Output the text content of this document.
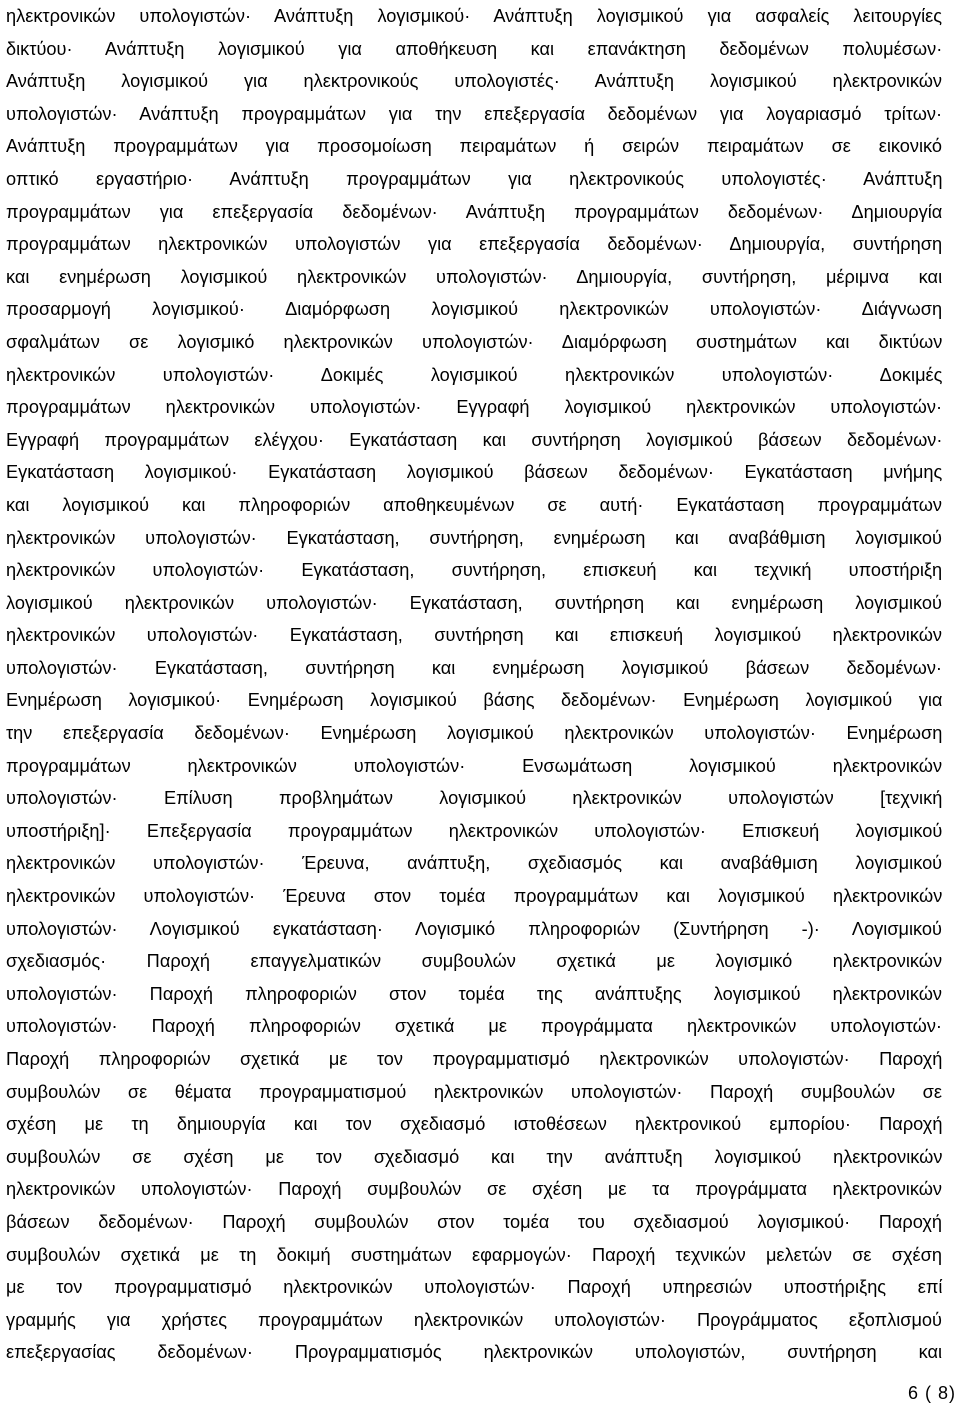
ηλεκτρονικών υπολογιστών· Ανάπτυξη λογισμικού· Ανάπτυξη λογισμικού για ασφαλείς λειτουργίες
δικτύου· Ανάπτυξη λογισμικού για αποθήκευση και επανάκτηση δεδομένων πολυμέσων·
Ανάπτυξη λογισμικού για ηλεκτρονικούς υπολογιστές· Ανάπτυξη λογισμικού ηλεκτρονικών
υπολογιστών· Ανάπτυξη προγραμμάτων για την επεξεργασία δεδομένων για λογαριασμό τρίτων·
Ανάπτυξη προγραμμάτων για προσομοίωση πειραμάτων ή σειρών πειραμάτων σε εικονικό
οπτικό εργαστήριο· Ανάπτυξη προγραμμάτων για ηλεκτρονικούς υπολογιστές· Ανάπτυξη
προγραμμάτων για επεξεργασία δεδομένων· Ανάπτυξη προγραμμάτων δεδομένων· Δημιουργία
προγραμμάτων ηλεκτρονικών υπολογιστών για επεξεργασία δεδομένων· Δημιουργία, συντήρηση
και ενημέρωση λογισμικού ηλεκτρονικών υπολογιστών· Δημιουργία, συντήρηση, μέριμνα και
προσαρμογή λογισμικού· Διαμόρφωση λογισμικού ηλεκτρονικών υπολογιστών· Διάγνωση
σφαλμάτων σε λογισμικό ηλεκτρονικών υπολογιστών· Διαμόρφωση συστημάτων και δικτύων
ηλεκτρονικών υπολογιστών· Δοκιμές λογισμικού ηλεκτρονικών υπολογιστών· Δοκιμές
προγραμμάτων ηλεκτρονικών υπολογιστών· Εγγραφή λογισμικού ηλεκτρονικών υπολογιστών·
Εγγραφή προγραμμάτων ελέγχου· Εγκατάσταση και συντήρηση λογισμικού βάσεων δεδομένων·
Εγκατάσταση λογισμικού· Εγκατάσταση λογισμικού βάσεων δεδομένων· Εγκατάσταση μνήμης
και λογισμικού και πληροφοριών αποθηκευμένων σε αυτή· Εγκατάσταση προγραμμάτων
ηλεκτρονικών υπολογιστών· Εγκατάσταση, συντήρηση, ενημέρωση και αναβάθμιση λογισμικού
ηλεκτρονικών υπολογιστών· Εγκατάσταση, συντήρηση, επισκευή και τεχνική υποστήριξη
λογισμικού ηλεκτρονικών υπολογιστών· Εγκατάσταση, συντήρηση και ενημέρωση λογισμικού
ηλεκτρονικών υπολογιστών· Εγκατάσταση, συντήρηση και επισκευή λογισμικού ηλεκτρονικών
υπολογιστών· Εγκατάσταση, συντήρηση και ενημέρωση λογισμικού βάσεων δεδομένων·
Ενημέρωση λογισμικού· Ενημέρωση λογισμικού βάσης δεδομένων· Ενημέρωση λογισμικού για
την επεξεργασία δεδομένων· Ενημέρωση λογισμικού ηλεκτρονικών υπολογιστών· Ενημέρωση
προγραμμάτων ηλεκτρονικών υπολογιστών· Ενσωμάτωση λογισμικού ηλεκτρονικών
υπολογιστών· Επίλυση προβλημάτων λογισμικού ηλεκτρονικών υπολογιστών [τεχνική
υποστήριξη]· Επεξεργασία προγραμμάτων ηλεκτρονικών υπολογιστών· Επισκευή λογισμικού
ηλεκτρονικών υπολογιστών· Έρευνα, ανάπτυξη, σχεδιασμός και αναβάθμιση λογισμικού
ηλεκτρονικών υπολογιστών· Έρευνα στον τομέα προγραμμάτων και λογισμικού ηλεκτρονικών
υπολογιστών· Λογισμικού εγκατάσταση· Λογισμικό πληροφοριών (Συντήρηση -)· Λογισμικού
σχεδιασμός· Παροχή επαγγελματικών συμβουλών σχετικά με λογισμικό ηλεκτρονικών
υπολογιστών· Παροχή πληροφοριών στον τομέα της ανάπτυξης λογισμικού ηλεκτρονικών
υπολογιστών· Παροχή πληροφοριών σχετικά με προγράμματα ηλεκτρονικών υπολογιστών·
Παροχή πληροφοριών σχετικά με τον προγραμματισμό ηλεκτρονικών υπολογιστών· Παροχή
συμβουλών σε θέματα προγραμματισμού ηλεκτρονικών υπολογιστών· Παροχή συμβουλών σε
σχέση με τη δημιουργία και τον σχεδιασμό ιστοθέσεων ηλεκτρονικού εμπορίου· Παροχή
συμβουλών σε σχέση με τον σχεδιασμό και την ανάπτυξη λογισμικού ηλεκτρονικών
ηλεκτρονικών υπολογιστών· Παροχή συμβουλών σε σχέση με τα προγράμματα ηλεκτρονικών
βάσεων δεδομένων· Παροχή συμβουλών στον τομέα του σχεδιασμού λογισμικού· Παροχή
συμβουλών σχετικά με τη δοκιμή συστημάτων εφαρμογών· Παροχή τεχνικών μελετών σε σχέση
με τον προγραμματισμό ηλεκτρονικών υπολογιστών· Παροχή υπηρεσιών υποστήριξης επί
γραμμής για χρήστες προγραμμάτων ηλεκτρονικών υπολογιστών· Προγράμματος εξοπλισμού
επεξεργασίας δεδομένων· Προγραμματισμός ηλεκτρονικών υπολογιστών, συντήρηση και
6 ( 8)
